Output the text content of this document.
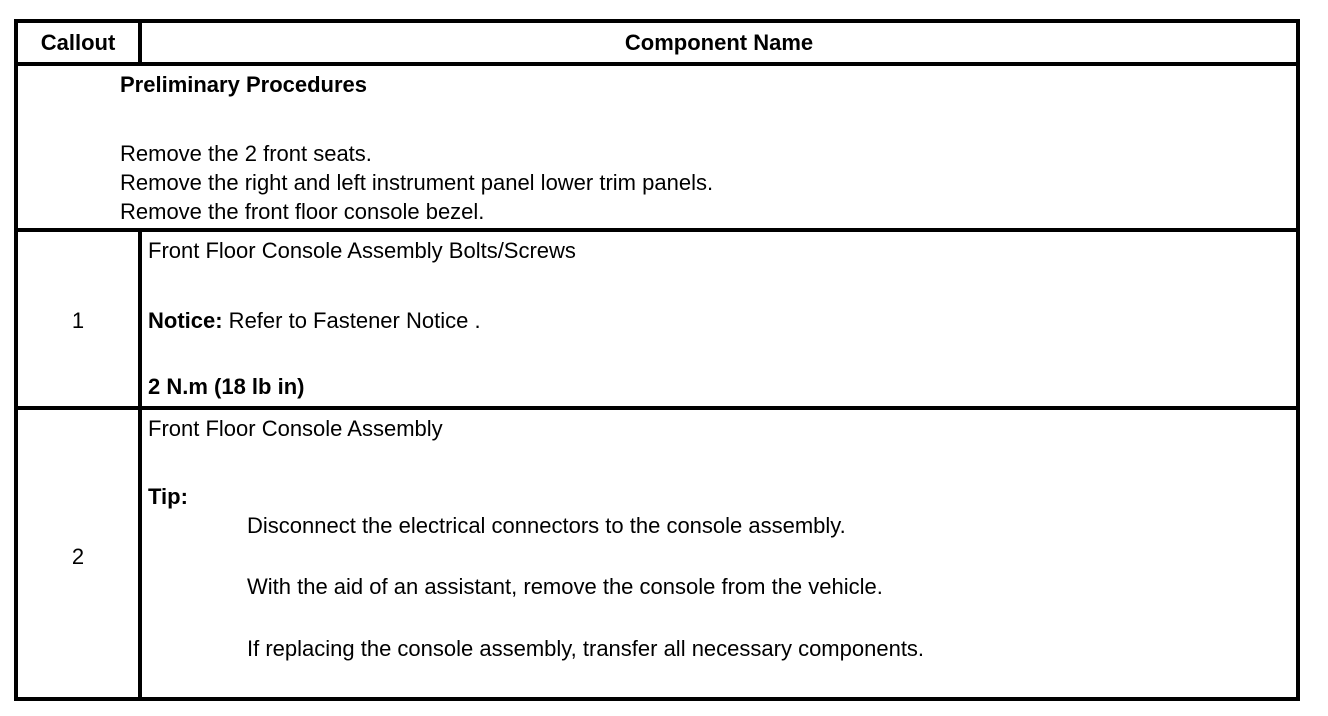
Callout	Component Name
Preliminary Procedures
Remove the 2 front seats.
Remove the right and left instrument panel lower trim panels.
Remove the front floor console bezel.
1
Front Floor Console Assembly Bolts/Screws
Notice: Refer to Fastener Notice .
2 N.m (18 lb in)
2
Front Floor Console Assembly
Tip:
Disconnect the electrical connectors to the console assembly.
With the aid of an assistant, remove the console from the vehicle.
If replacing the console assembly, transfer all necessary components.
